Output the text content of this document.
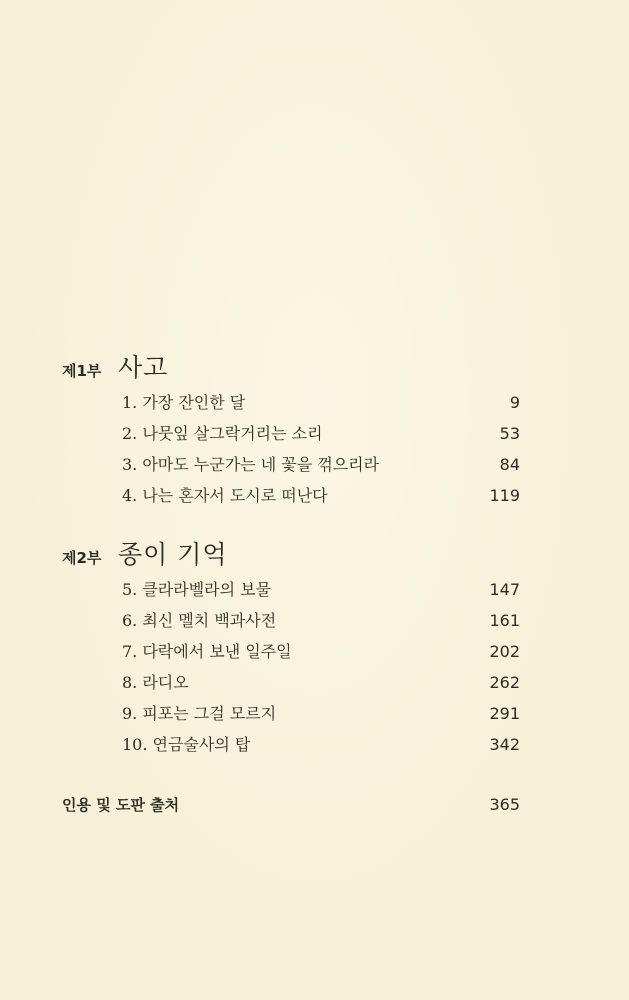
제1부 사고
1. 가장 잔인한 달	9
2. 나뭇잎 살그락거리는 소리	53
3. 아마도 누군가는 네 꽃을 꺾으리라	84
4. 나는 혼자서 도시로 떠난다	119
제2부 종이 기억
5. 클라라벨라의 보물	147
6. 최신 멜치 백과사전	161
7. 다락에서 보낸 일주일	202
8. 라디오	262
9. 피포는 그걸 모르지	291
10. 연금술사의 탑	342
인용 및 도판 출처	365
